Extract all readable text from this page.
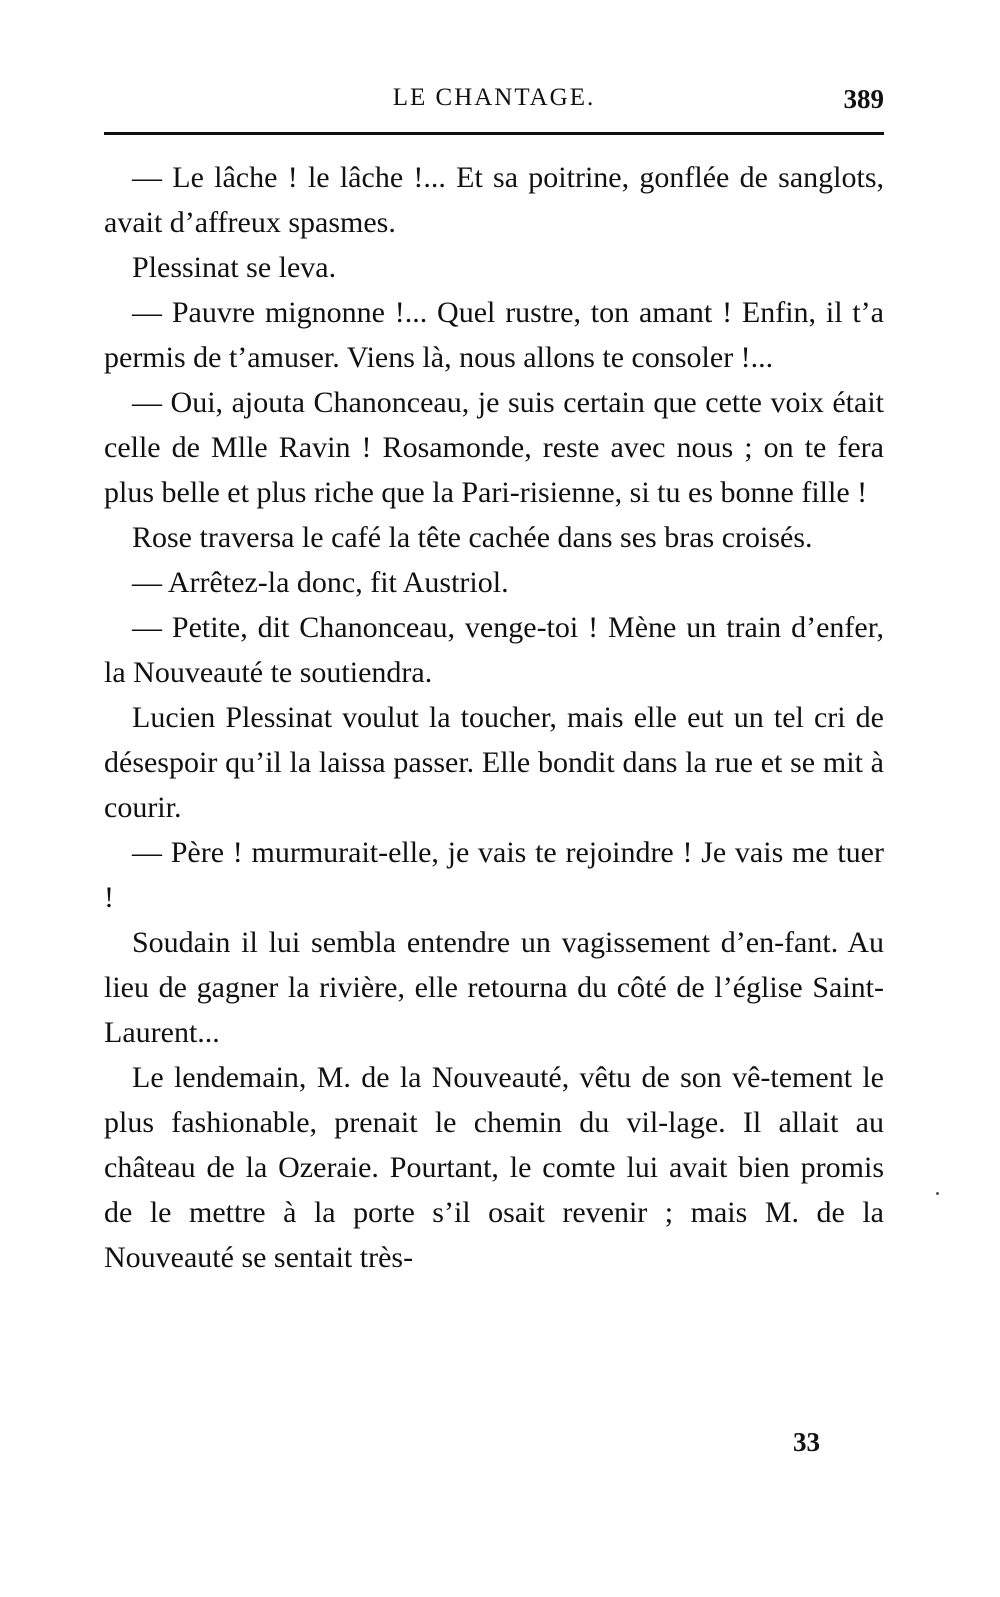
LE CHANTAGE.	389

— Le lâche ! le lâche !... Et sa poitrine, gonflée de sanglots, avait d’affreux spasmes.

Plessinat se leva.

— Pauvre mignonne !... Quel rustre, ton amant ! Enfin, il t’a permis de t’amuser. Viens là, nous allons te consoler !...

— Oui, ajouta Chanonceau, je suis certain que cette voix était celle de Mlle Ravin ! Rosamonde, reste avec nous ; on te fera plus belle et plus riche que la Pari-risienne, si tu es bonne fille !

Rose traversa le café la tête cachée dans ses bras croisés.

— Arrêtez-la donc, fit Austriol.

— Petite, dit Chanonceau, venge-toi ! Mène un train d’enfer, la Nouveauté te soutiendra.

Lucien Plessinat voulut la toucher, mais elle eut un tel cri de désespoir qu’il la laissa passer. Elle bondit dans la rue et se mit à courir.

— Père ! murmurait-elle, je vais te rejoindre ! Je vais me tuer !

Soudain il lui sembla entendre un vagissement d’en-fant. Au lieu de gagner la rivière, elle retourna du côté de l’église Saint-Laurent...

Le lendemain, M. de la Nouveauté, vêtu de son vê-tement le plus fashionable, prenait le chemin du vil-lage. Il allait au château de la Ozeraie. Pourtant, le comte lui avait bien promis de le mettre à la porte s’il osait revenir ; mais M. de la Nouveauté se sentait très-

33
